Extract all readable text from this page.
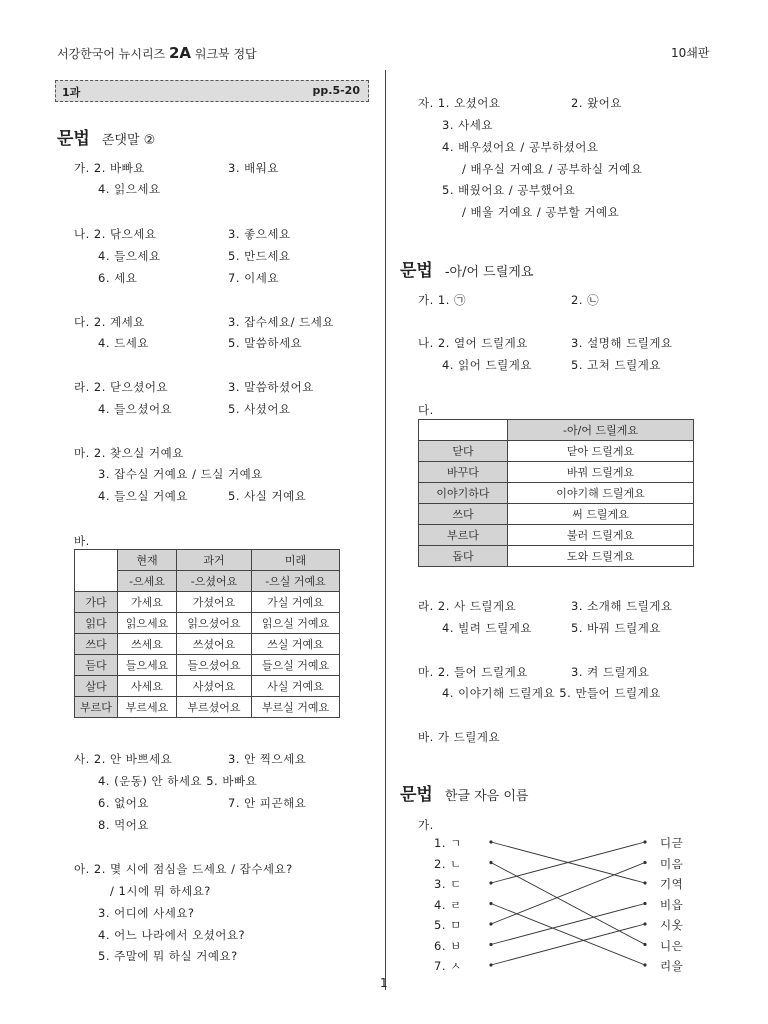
서강한국어 뉴시리즈 2A 워크북 정답	10쇄판
1과	pp.5-20
문법 존댓말 ②
가. 2. 바빠요	3. 배워요
4. 읽으세요
나. 2. 닦으세요	3. 좋으세요
4. 들으세요	5. 만드세요
6. 세요	7. 이세요
다. 2. 계세요	3. 잡수세요/ 드세요
4. 드세요	5. 말씀하세요
라. 2. 닫으셨어요	3. 말씀하셨어요
4. 들으셨어요	5. 사셨어요
마. 2. 찾으실 거예요
3. 잡수실 거예요 / 드실 거예요
4. 들으실 거예요	5. 사실 거예요
바.
	현재	과거	미래
	-으세요	-으셨어요	-으실 거예요
가다	가세요	가셨어요	가실 거예요
읽다	읽으세요	읽으셨어요	읽으실 거예요
쓰다	쓰세요	쓰셨어요	쓰실 거예요
듣다	들으세요	들으셨어요	들으실 거예요
살다	사세요	사셨어요	사실 거예요
부르다	부르세요	부르셨어요	부르실 거예요
사. 2. 안 바쁘세요	3. 안 찍으세요
4. (운동) 안 하세요 5. 바빠요
6. 없어요	7. 안 피곤해요
8. 먹어요
아. 2. 몇 시에 점심을 드세요 / 잡수세요?
/ 1시에 뭐 하세요?
3. 어디에 사세요?
4. 어느 나라에서 오셨어요?
5. 주말에 뭐 하실 거예요?
자. 1. 오셨어요	2. 왔어요
3. 사세요
4. 배우셨어요 / 공부하셨어요
/ 배우실 거예요 / 공부하실 거예요
5. 배웠어요 / 공부했어요
/ 배울 거예요 / 공부할 거예요
문법 -아/어 드릴게요
가. 1. ㉠	2. ㉡
나. 2. 열어 드릴게요	3. 설명해 드릴게요
4. 읽어 드릴게요	5. 고쳐 드릴게요
다.
	-아/어 드릴게요
닫다	닫아 드릴게요
바꾸다	바꿔 드릴게요
이야기하다	이야기해 드릴게요
쓰다	써 드릴게요
부르다	불러 드릴게요
돕다	도와 드릴게요
라. 2. 사 드릴게요	3. 소개해 드릴게요
4. 빌려 드릴게요	5. 바꿔 드릴게요
마. 2. 들어 드릴게요	3. 켜 드릴게요
4. 이야기해 드릴게요 5. 만들어 드릴게요
바. 가 드릴게요
문법 한글 자음 이름
가.
1. ㄱ
2. ㄴ
3. ㄷ
4. ㄹ
5. ㅁ
6. ㅂ
7. ㅅ
디귿
미음
기역
비읍
시옷
니은
리을
1
